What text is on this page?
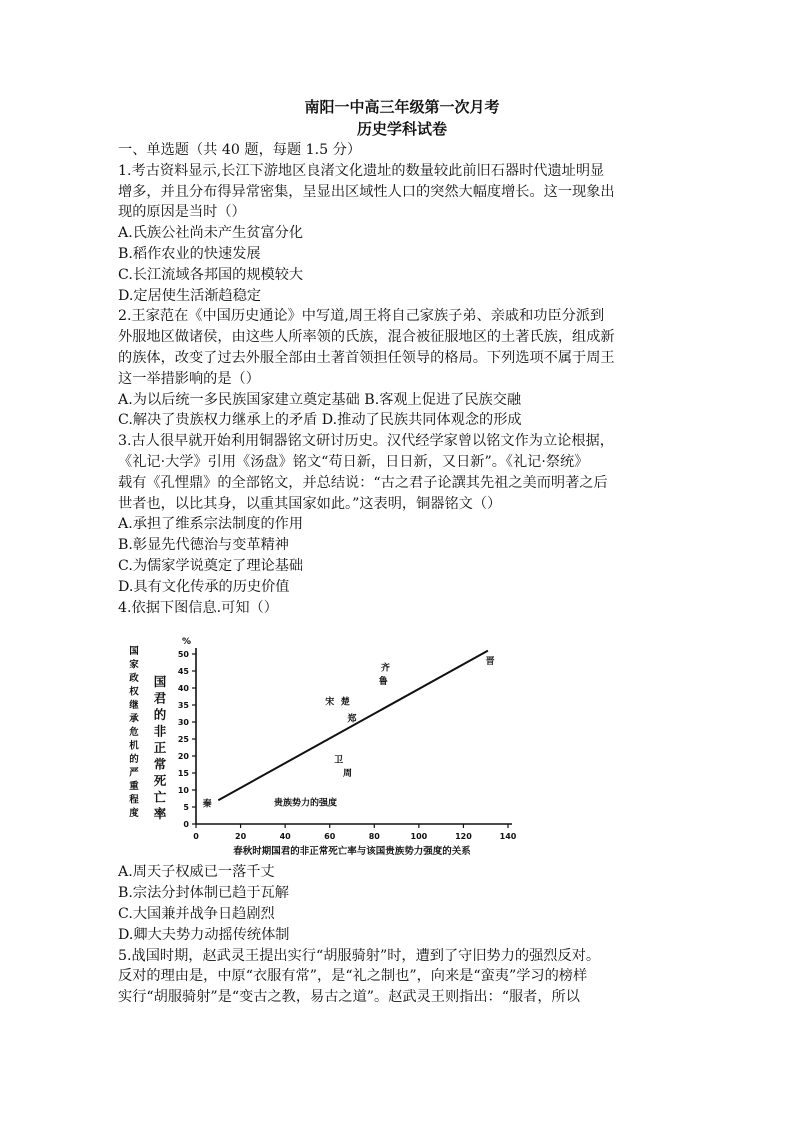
南阳一中高三年级第一次月考
历史学科试卷
一、单选题（共 40 题，每题 1.5 分）
1.考古资料显示,长江下游地区良渚文化遗址的数量较此前旧石器时代遗址明显
增多，并且分布得异常密集，呈显出区域性人口的突然大幅度增长。这一现象出
现的原因是当时（）
A.氏族公社尚未产生贫富分化
B.稻作农业的快速发展
C.长江流域各邦国的规模较大
D.定居使生活渐趋稳定
2.王家范在《中国历史通论》中写道,周王将自己家族子弟、亲戚和功臣分派到
外服地区做诸侯，由这些人所率领的氏族，混合被征服地区的土著氏族，组成新
的族体，改变了过去外服全部由土著首领担任领导的格局。下列选项不属于周王
这一举措影响的是（）
A.为以后统一多民族国家建立奠定基础 B.客观上促进了民族交融
C.解决了贵族权力继承上的矛盾 D.推动了民族共同体观念的形成
3.古人很早就开始利用铜器铭文研讨历史。汉代经学家曾以铭文作为立论根据，
《礼记·大学》引用《汤盘》铭文“苟日新，日日新，又日新”。《礼记·祭统》
载有《孔悝鼎》的全部铭文，并总结说：“古之君子论譔其先祖之美而明著之后
世者也，以比其身，以重其国家如此。”这表明，铜器铭文（）
A.承担了维系宗法制度的作用
B.彰显先代德治与变革精神
C.为儒家学说奠定了理论基础
D.具有文化传承的历史价值
4.依据下图信息.可知（）
国
家
政
权
继
承
危
机
的
严
重
程
度
国
君
的
非
正
常
死
亡
率
%
0
5
10
15
20
25
30
35
40
45
50
0	20	40	60	80	100	120	140
秦
宋 楚
郑
齐
鲁
晋
卫
周
贵族势力的强度
春秋时期国君的非正常死亡率与该国贵族势力强度的关系
A.周天子权威已一落千丈
B.宗法分封体制已趋于瓦解
C.大国兼并战争日趋剧烈
D.卿大夫势力动摇传统体制
5.战国时期，赵武灵王提出实行“胡服骑射”时，遭到了守旧势力的强烈反对。
反对的理由是，中原“衣服有常”，是“礼之制也”，向来是“蛮夷”学习的榜样
实行“胡服骑射”是“变古之教，易古之道”。赵武灵王则指出：“服者，所以
